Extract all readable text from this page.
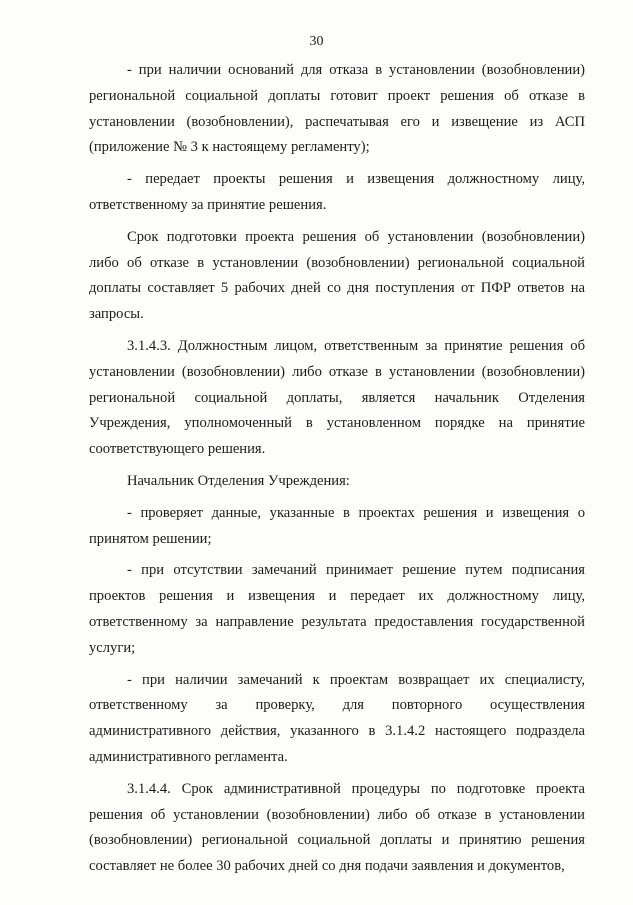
30

- при наличии оснований для отказа в установлении (возобновлении) региональной социальной доплаты готовит проект решения об отказе в установлении (возобновлении), распечатывая его и извещение из АСП (приложение № 3 к настоящему регламенту);

- передает проекты решения и извещения должностному лицу, ответственному за принятие решения.

Срок подготовки проекта решения об установлении (возобновлении) либо об отказе в установлении (возобновлении) региональной социальной доплаты составляет 5 рабочих дней со дня поступления от ПФР ответов на запросы.

3.1.4.3. Должностным лицом, ответственным за принятие решения об установлении (возобновлении) либо отказе в установлении (возобновлении) региональной социальной доплаты, является начальник Отделения Учреждения, уполномоченный в установленном порядке на принятие соответствующего решения.

Начальник Отделения Учреждения:

- проверяет данные, указанные в проектах решения и извещения о принятом решении;

- при отсутствии замечаний принимает решение путем подписания проектов решения и извещения и передает их должностному лицу, ответственному за направление результата предоставления государственной услуги;

- при наличии замечаний к проектам возвращает их специалисту, ответственному за проверку, для повторного осуществления административного действия, указанного в 3.1.4.2 настоящего подраздела административного регламента.

3.1.4.4. Срок административной процедуры по подготовке проекта решения об установлении (возобновлении) либо об отказе в установлении (возобновлении) региональной социальной доплаты и принятию решения составляет не более 30 рабочих дней со дня подачи заявления и документов,
